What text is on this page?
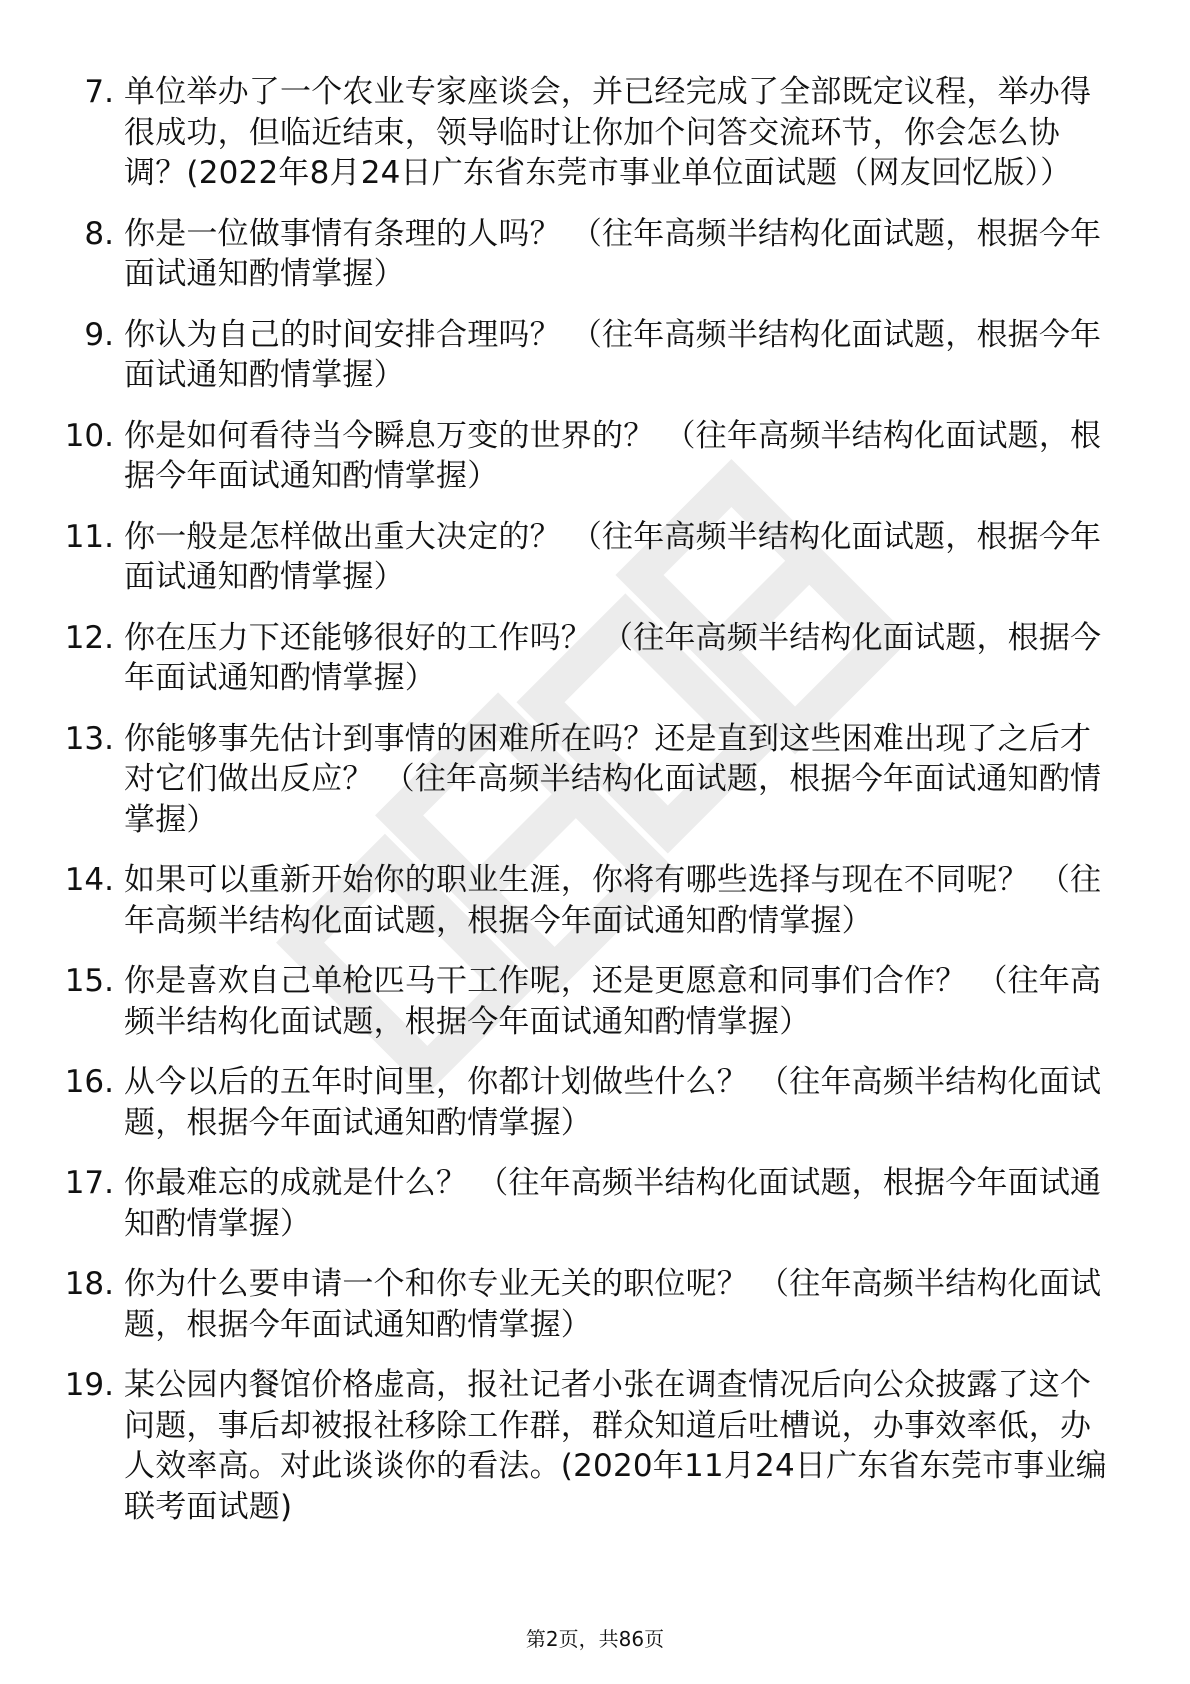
7. 单位举办了一个农业专家座谈会，并已经完成了全部既定议程，举办得很成功，但临近结束，领导临时让你加个问答交流环节，你会怎么协调？(2022年8月24日广东省东莞市事业单位面试题（网友回忆版））
8. 你是一位做事情有条理的人吗？ （往年高频半结构化面试题，根据今年面试通知酌情掌握）
9. 你认为自己的时间安排合理吗？ （往年高频半结构化面试题，根据今年面试通知酌情掌握）
10. 你是如何看待当今瞬息万变的世界的？ （往年高频半结构化面试题，根据今年面试通知酌情掌握）
11. 你一般是怎样做出重大决定的？ （往年高频半结构化面试题，根据今年面试通知酌情掌握）
12. 你在压力下还能够很好的工作吗？ （往年高频半结构化面试题，根据今年面试通知酌情掌握）
13. 你能够事先估计到事情的困难所在吗？还是直到这些困难出现了之后才对它们做出反应？ （往年高频半结构化面试题，根据今年面试通知酌情掌握）
14. 如果可以重新开始你的职业生涯，你将有哪些选择与现在不同呢？ （往年高频半结构化面试题，根据今年面试通知酌情掌握）
15. 你是喜欢自己单枪匹马干工作呢，还是更愿意和同事们合作？ （往年高频半结构化面试题，根据今年面试通知酌情掌握）
16. 从今以后的五年时间里，你都计划做些什么？ （往年高频半结构化面试题，根据今年面试通知酌情掌握）
17. 你最难忘的成就是什么？ （往年高频半结构化面试题，根据今年面试通知酌情掌握）
18. 你为什么要申请一个和你专业无关的职位呢？ （往年高频半结构化面试题，根据今年面试通知酌情掌握）
19. 某公园内餐馆价格虚高，报社记者小张在调查情况后向公众披露了这个问题，事后却被报社移除工作群，群众知道后吐槽说，办事效率低，办人效率高。对此谈谈你的看法。(2020年11月24日广东省东莞市事业编联考面试题)
第2页，共86页
